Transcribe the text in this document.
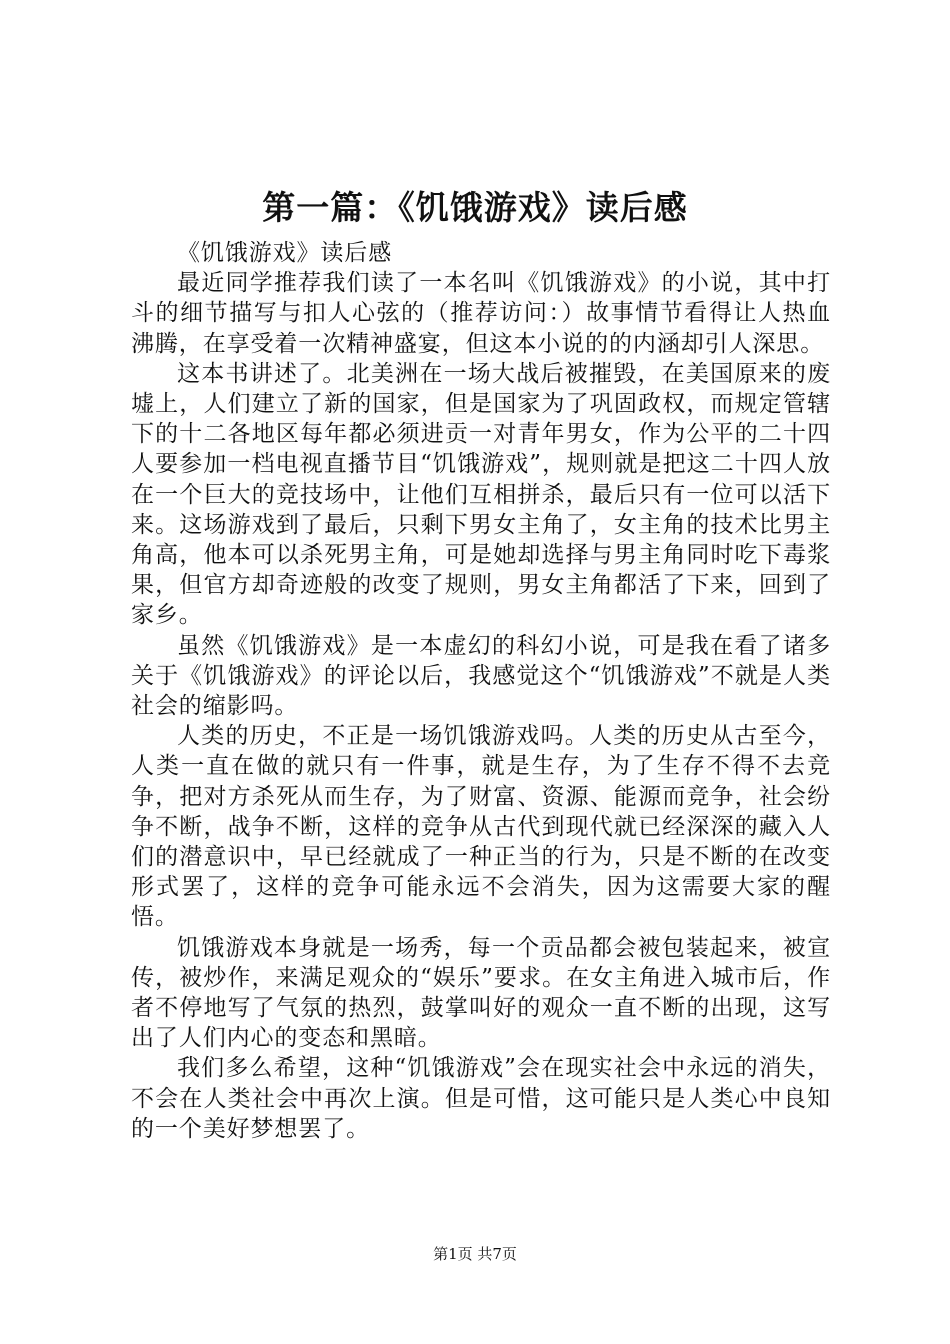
第一篇：《饥饿游戏》读后感

《饥饿游戏》读后感

最近同学推荐我们读了一本名叫《饥饿游戏》的小说，其中打斗的细节描写与扣人心弦的（推荐访问：）故事情节看得让人热血沸腾，在享受着一次精神盛宴，但这本小说的的内涵却引人深思。

这本书讲述了。北美洲在一场大战后被摧毁，在美国原来的废墟上，人们建立了新的国家，但是国家为了巩固政权，而规定管辖下的十二各地区每年都必须进贡一对青年男女，作为公平的二十四人要参加一档电视直播节目“饥饿游戏”，规则就是把这二十四人放在一个巨大的竞技场中，让他们互相拼杀，最后只有一位可以活下来。这场游戏到了最后，只剩下男女主角了，女主角的技术比男主角高，他本可以杀死男主角，可是她却选择与男主角同时吃下毒浆果，但官方却奇迹般的改变了规则，男女主角都活了下来，回到了家乡。

虽然《饥饿游戏》是一本虚幻的科幻小说，可是我在看了诸多关于《饥饿游戏》的评论以后，我感觉这个“饥饿游戏”不就是人类社会的缩影吗。

人类的历史，不正是一场饥饿游戏吗。人类的历史从古至今，人类一直在做的就只有一件事，就是生存，为了生存不得不去竞争，把对方杀死从而生存，为了财富、资源、能源而竞争，社会纷争不断，战争不断，这样的竞争从古代到现代就已经深深的藏入人们的潜意识中，早已经就成了一种正当的行为，只是不断的在改变形式罢了，这样的竞争可能永远不会消失，因为这需要大家的醒悟。

饥饿游戏本身就是一场秀，每一个贡品都会被包装起来，被宣传，被炒作，来满足观众的“娱乐”要求。在女主角进入城市后，作者不停地写了气氛的热烈，鼓掌叫好的观众一直不断的出现，这写出了人们内心的变态和黑暗。

我们多么希望，这种“饥饿游戏”会在现实社会中永远的消失，不会在人类社会中再次上演。但是可惜，这可能只是人类心中良知的一个美好梦想罢了。

第1页 共7页
